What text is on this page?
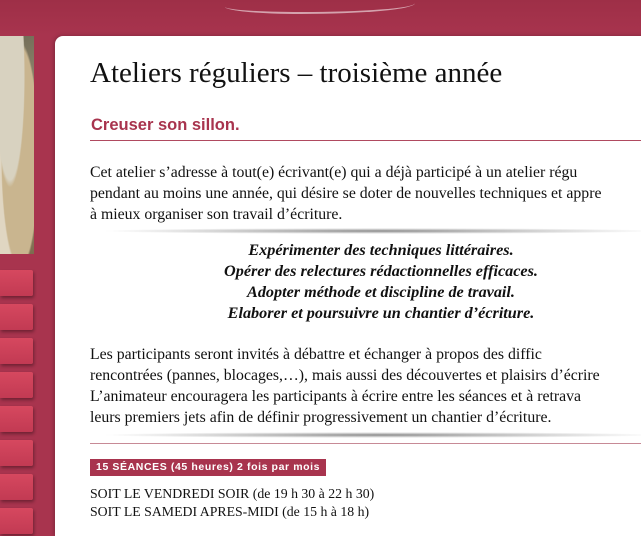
Ateliers réguliers – troisième année
Creuser son sillon.
Cet atelier s’adresse à tout(e) écrivant(e) qui a déjà participé à un atelier régu
pendant au moins une année, qui désire se doter de nouvelles techniques et appre
à mieux organiser son travail d’écriture.
Expérimenter des techniques littéraires.
Opérer des relectures rédactionnelles efficaces.
Adopter méthode et discipline de travail.
Elaborer et poursuivre un chantier d’écriture.
Les participants seront invités à débattre et échanger à propos des diffic
rencontrées (pannes, blocages,…), mais aussi des découvertes et plaisirs d’écrire
L’animateur encouragera les participants à écrire entre les séances et à retrava
leurs premiers jets afin de définir progressivement un chantier d’écriture.
15 SÉANCES (45 heures) 2 fois par mois
SOIT LE VENDREDI SOIR (de 19 h 30 à 22 h 30)
SOIT LE SAMEDI APRES-MIDI (de 15 h à 18 h)
